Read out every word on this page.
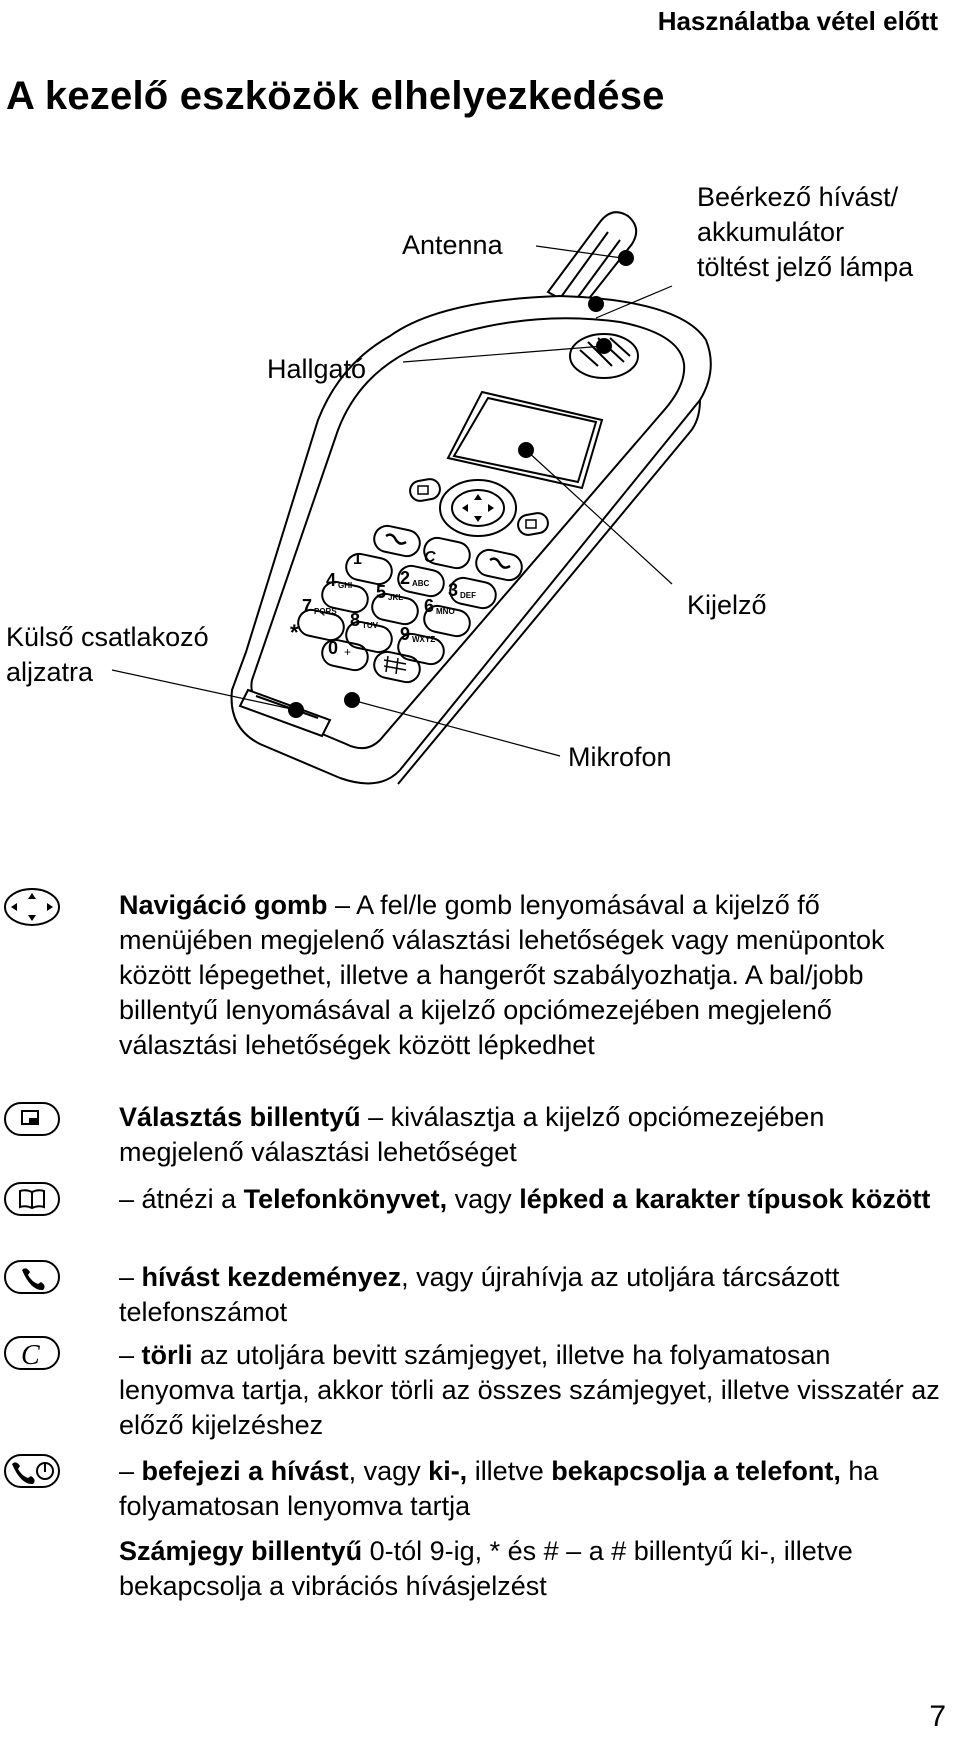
Használatba vétel előtt
A kezelő eszközök elhelyezkedése
1	C
2 ABC 3 DEF
4 GHI 5 JKL 6 MNO
7 PQRS 8 TUV 9 WXYZ
*
0 +
Antenna
Beérkező hívást/
akkumulátor
töltést jelző lámpa
Hallgató
Kijelző
Külső csatlakozó
aljzatra
Mikrofon
C

Navigáció gomb – A fel/le gomb lenyomásával a kijelző fő menüjében megjelenő választási lehetőségek vagy menüpontok között lépegethet, illetve a hangerőt szabályozhatja. A bal/jobb billentyű lenyomásával a kijelző opciómezejében megjelenő választási lehetőségek között lépkedhet

Választás billentyű – kiválasztja a kijelző opciómezejében megjelenő választási lehetőséget

– átnézi a Telefonkönyvet, vagy lépked a karakter típusok között

– hívást kezdeményez, vagy újrahívja az utoljára tárcsázott telefonszámot

– törli az utoljára bevitt számjegyet, illetve ha folyamatosan lenyomva tartja, akkor törli az összes számjegyet, illetve visszatér az előző kijelzéshez

– befejezi a hívást, vagy ki-, illetve bekapcsolja a telefont, ha folyamatosan lenyomva tartja

Számjegy billentyű 0-tól 9-ig, * és # – a # billentyű ki-, illetve bekapcsolja a vibrációs hívásjelzést

7
